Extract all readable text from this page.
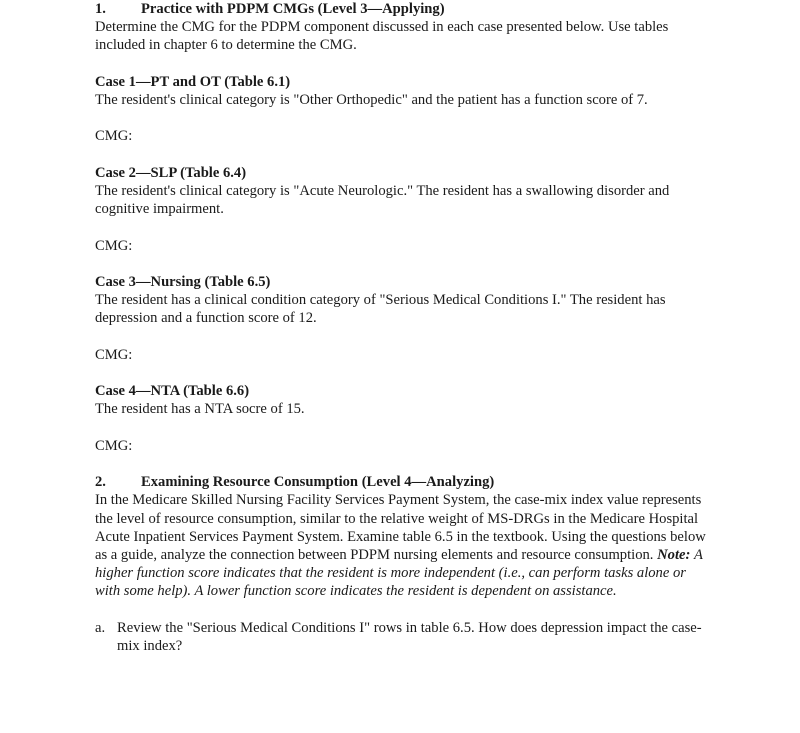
1.	Practice with PDPM CMGs (Level 3—Applying)

Determine the CMG for the PDPM component discussed in each case presented below. Use tables included in chapter 6 to determine the CMG.

Case 1—PT and OT (Table 6.1)

The resident's clinical category is "Other Orthopedic" and the patient has a function score of 7.

CMG:

Case 2—SLP (Table 6.4)

The resident's clinical category is "Acute Neurologic." The resident has a swallowing disorder and cognitive impairment.

CMG:

Case 3—Nursing (Table 6.5)

The resident has a clinical condition category of "Serious Medical Conditions I." The resident has depression and a function score of 12.

CMG:

Case 4—NTA (Table 6.6)

The resident has a NTA socre of 15.

CMG:

2.	Examining Resource Consumption (Level 4—Analyzing)

In the Medicare Skilled Nursing Facility Services Payment System, the case-mix index value represents the level of resource consumption, similar to the relative weight of MS-DRGs in the Medicare Hospital Acute Inpatient Services Payment System. Examine table 6.5 in the textbook. Using the questions below as a guide, analyze the connection between PDPM nursing elements and resource consumption. Note: A higher function score indicates that the resident is more independent (i.e., can perform tasks alone or with some help). A lower function score indicates the resident is dependent on assistance.

a. Review the "Serious Medical Conditions I" rows in table 6.5. How does depression impact the case-mix index?
